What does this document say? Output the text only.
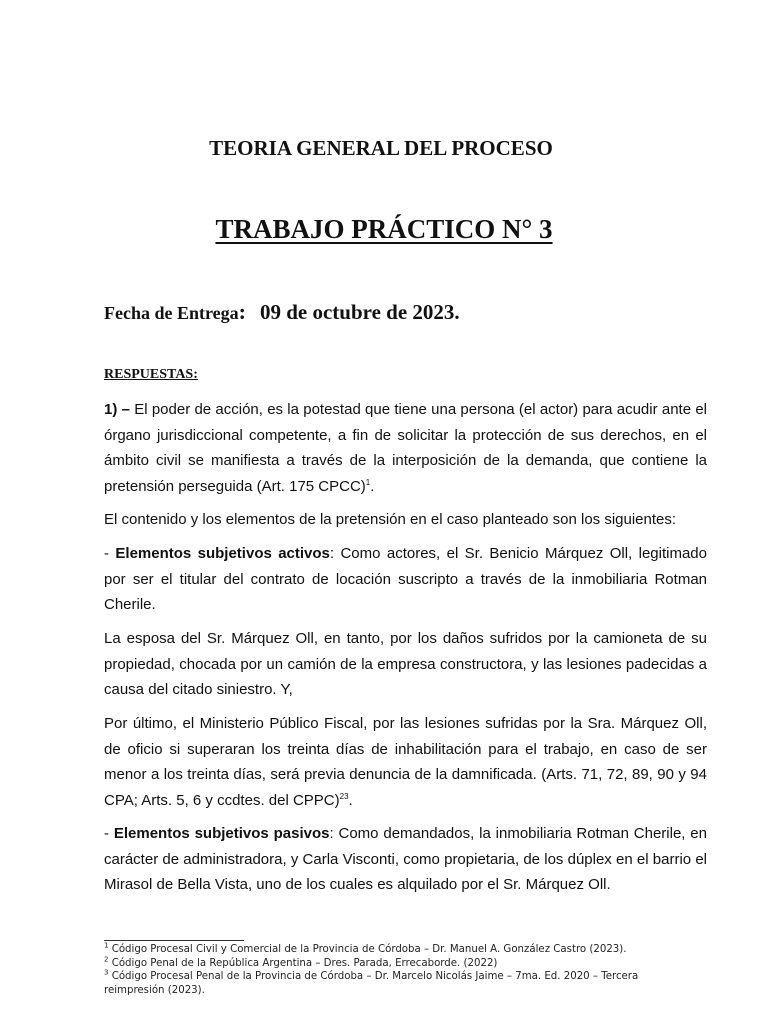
TEORIA GENERAL DEL PROCESO
TRABAJO PRÁCTICO N° 3
Fecha de Entrega: 09 de octubre de 2023.

RESPUESTAS:

1) – El poder de acción, es la potestad que tiene una persona (el actor) para acudir ante el órgano jurisdiccional competente, a fin de solicitar la protección de sus derechos, en el ámbito civil se manifiesta a través de la interposición de la demanda, que contiene la pretensión perseguida (Art. 175 CPCC)$^1$.

El contenido y los elementos de la pretensión en el caso planteado son los siguientes:

- Elementos subjetivos activos: Como actores, el Sr. Benicio Márquez Oll, legitimado por ser el titular del contrato de locación suscripto a través de la inmobiliaria Rotman Cherile.

La esposa del Sr. Márquez Oll, en tanto, por los daños sufridos por la camioneta de su propiedad, chocada por un camión de la empresa constructora, y las lesiones padecidas a causa del citado siniestro. Y,

Por último, el Ministerio Público Fiscal, por las lesiones sufridas por la Sra. Márquez Oll, de oficio si superaran los treinta días de inhabilitación para el trabajo, en caso de ser menor a los treinta días, será previa denuncia de la damnificada. (Arts. 71, 72, 89, 90 y 94 CPA; Arts. 5, 6 y ccdtes. del CPPC)$^{23}$.

- Elementos subjetivos pasivos: Como demandados, la inmobiliaria Rotman Cherile, en carácter de administradora, y Carla Visconti, como propietaria, de los dúplex en el barrio el Mirasol de Bella Vista, uno de los cuales es alquilado por el Sr. Márquez Oll.

$^1$ Código Procesal Civil y Comercial de la Provincia de Córdoba – Dr. Manuel A. González Castro (2023).
$^2$ Código Penal de la República Argentina – Dres. Parada, Errecaborde. (2022)
$^3$ Código Procesal Penal de la Provincia de Córdoba – Dr. Marcelo Nicolás Jaime – 7ma. Ed. 2020 – Tercera reimpresión (2023).
